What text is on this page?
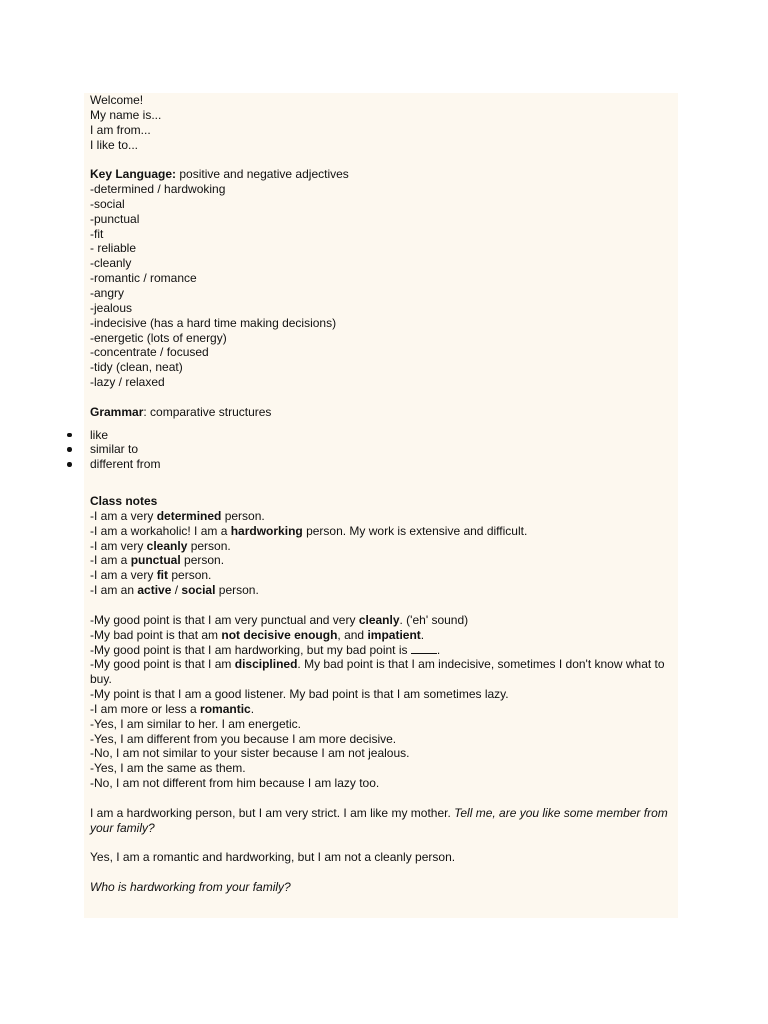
Welcome!
My name is...
I am from...
I like to...
Key Language: positive and negative adjectives
-determined / hardwoking
-social
-punctual
-fit
- reliable
-cleanly
-romantic / romance
-angry
-jealous
-indecisive (has a hard time making decisions)
-energetic (lots of energy)
-concentrate / focused
-tidy (clean, neat)
-lazy / relaxed
Grammar: comparative structures
like
similar to
different from
Class notes
-I am a very determined person.
-I am a workaholic! I am a hardworking person. My work is extensive and difficult.
-I am very cleanly person.
-I am a punctual person.
-I am a very fit person.
-I am an active / social person.
-My good point is that I am very punctual and very cleanly. ('eh' sound)
-My bad point is that am not decisive enough, and impatient.
-My good point is that I am hardworking, but my bad point is .
-My good point is that I am disciplined. My bad point is that I am indecisive, sometimes I don't know what to buy.
-My point is that I am a good listener. My bad point is that I am sometimes lazy.
-I am more or less a romantic.
-Yes, I am similar to her. I am energetic.
-Yes, I am different from you because I am more decisive.
-No, I am not similar to your sister because I am not jealous.
-Yes, I am the same as them.
-No, I am not different from him because I am lazy too.
I am a hardworking person, but I am very strict. I am like my mother. Tell me, are you like some member from your family?
Yes, I am a romantic and hardworking, but I am not a cleanly person.
Who is hardworking from your family?
